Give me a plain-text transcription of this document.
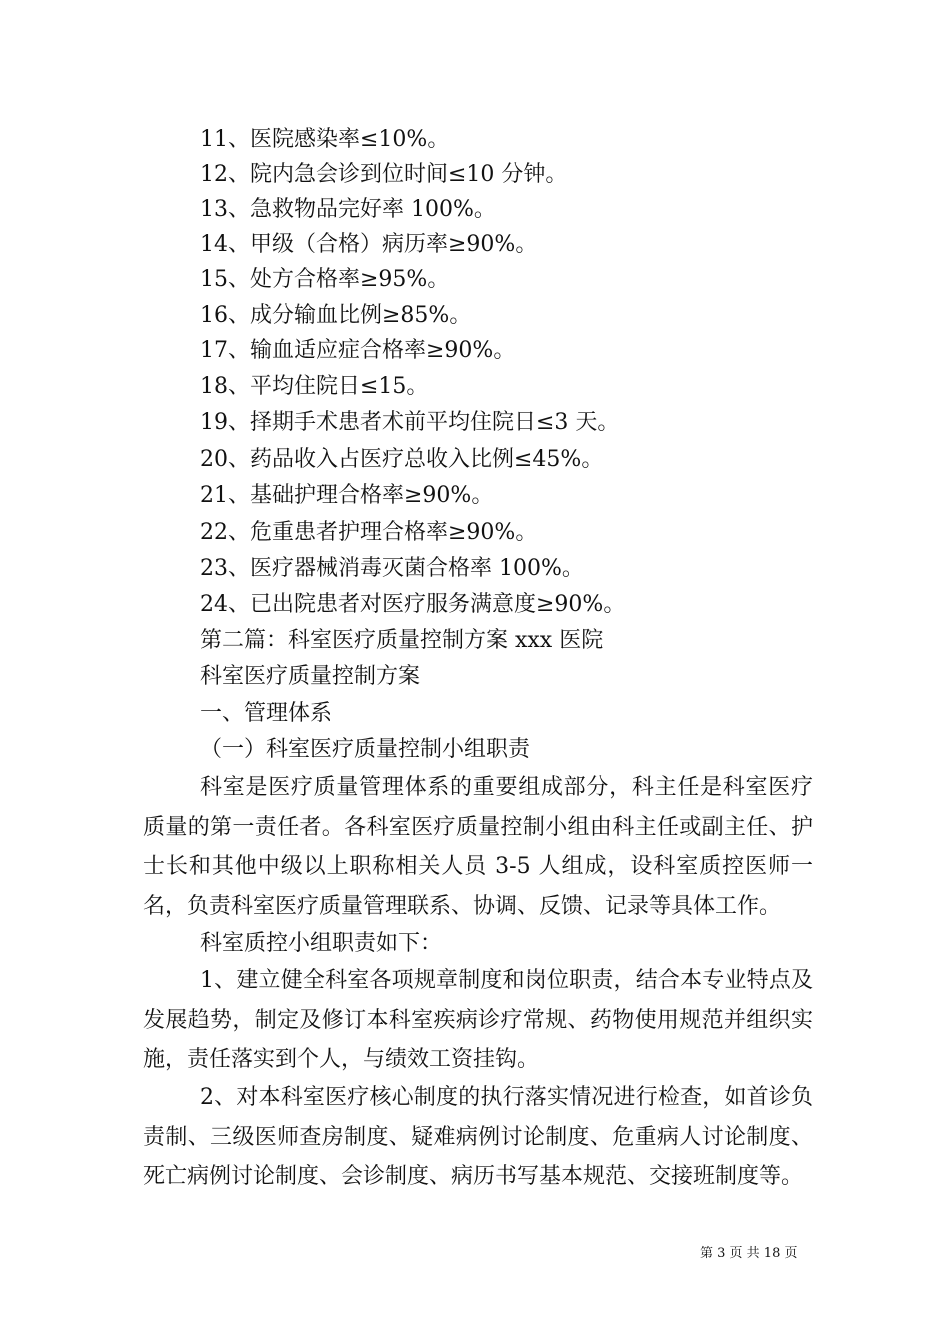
11、医院感染率≤10%。
12、院内急会诊到位时间≤10 分钟。
13、急救物品完好率 100%。
14、甲级（合格）病历率≥90%。
15、处方合格率≥95%。
16、成分输血比例≥85%。
17、输血适应症合格率≥90%。
18、平均住院日≤15。
19、择期手术患者术前平均住院日≤3 天。
20、药品收入占医疗总收入比例≤45%。
21、基础护理合格率≥90%。
22、危重患者护理合格率≥90%。
23、医疗器械消毒灭菌合格率 100%。
24、已出院患者对医疗服务满意度≥90%。
第二篇：科室医疗质量控制方案 xxx 医院
科室医疗质量控制方案
一、管理体系
（一）科室医疗质量控制小组职责
科室是医疗质量管理体系的重要组成部分，科主任是科室医疗质量的第一责任者。各科室医疗质量控制小组由科主任或副主任、护士长和其他中级以上职称相关人员 3-5 人组成，设科室质控医师一名，负责科室医疗质量管理联系、协调、反馈、记录等具体工作。
科室质控小组职责如下：
1、建立健全科室各项规章制度和岗位职责，结合本专业特点及发展趋势，制定及修订本科室疾病诊疗常规、药物使用规范并组织实施，责任落实到个人，与绩效工资挂钩。
2、对本科室医疗核心制度的执行落实情况进行检查，如首诊负责制、三级医师查房制度、疑难病例讨论制度、危重病人讨论制度、死亡病例讨论制度、会诊制度、病历书写基本规范、交接班制度等。
第 3 页 共 18 页
